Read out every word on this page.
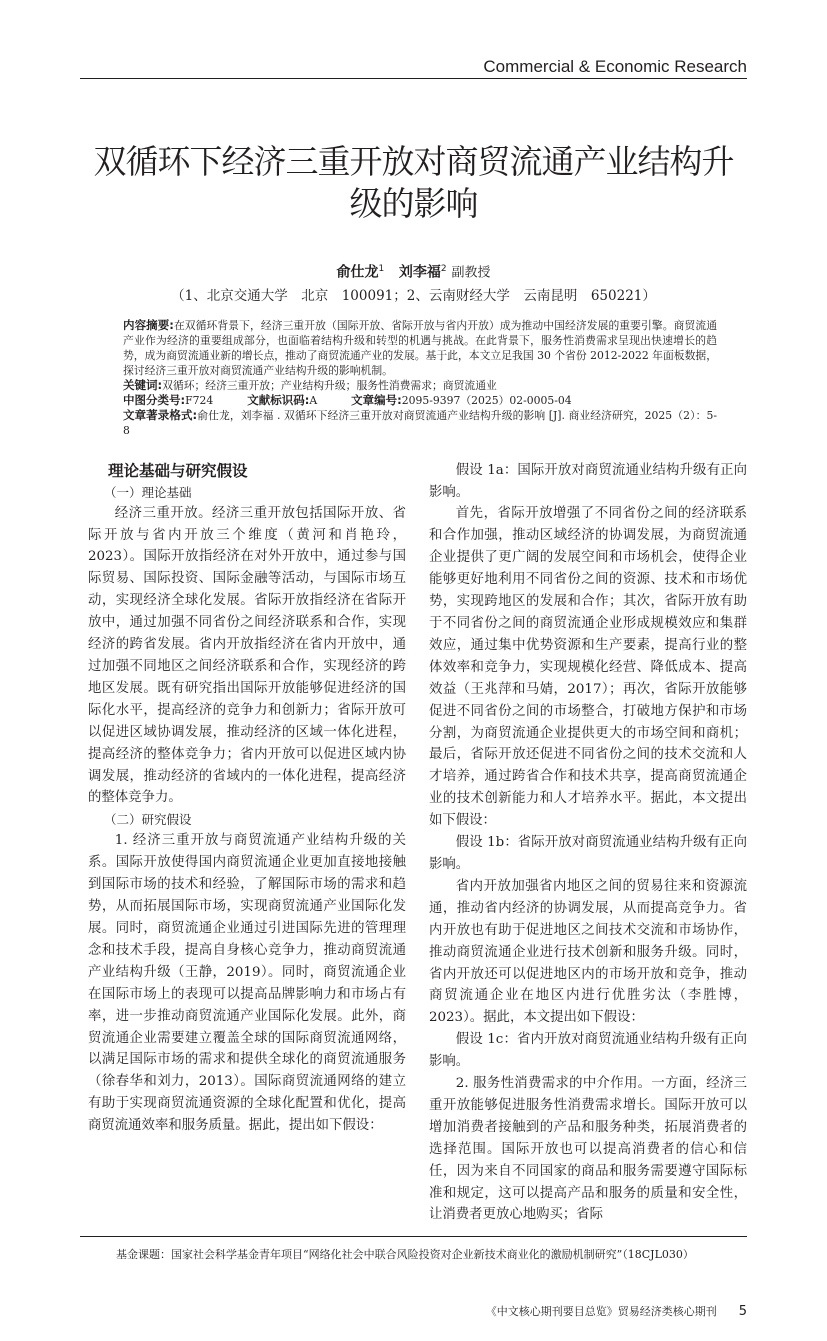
Commercial & Economic Research
双循环下经济三重开放对商贸流通产业结构升级的影响
俞仕龙$^1$ 刘李福$^2$ 副教授
（1、北京交通大学　北京　100091；2、云南财经大学　云南昆明　650221）
内容摘要:在双循环背景下，经济三重开放（国际开放、省际开放与省内开放）成为推动中国经济发展的重要引擎。商贸流通产业作为经济的重要组成部分，也面临着结构升级和转型的机遇与挑战。在此背景下，服务性消费需求呈现出快速增长的趋势，成为商贸流通业新的增长点，推动了商贸流通产业的发展。基于此，本文立足我国 30 个省份 2012-2022 年面板数据，探讨经济三重开放对商贸流通产业结构升级的影响机制。
关键词:双循环；经济三重开放；产业结构升级；服务性消费需求；商贸流通业
中图分类号:F724	文献标识码:A	文章编号:2095-9397（2025）02-0005-04
文章著录格式:俞仕龙，刘李福 . 双循环下经济三重开放对商贸流通产业结构升级的影响 [J]. 商业经济研究，2025（2）：5-8
理论基础与研究假设
（一）理论基础

经济三重开放。经济三重开放包括国际开放、省际开放与省内开放三个维度（黄河和肖艳玲，2023）。国际开放指经济在对外开放中，通过参与国际贸易、国际投资、国际金融等活动，与国际市场互动，实现经济全球化发展。省际开放指经济在省际开放中，通过加强不同省份之间经济联系和合作，实现经济的跨省发展。省内开放指经济在省内开放中，通过加强不同地区之间经济联系和合作，实现经济的跨地区发展。既有研究指出国际开放能够促进经济的国际化水平，提高经济的竞争力和创新力；省际开放可以促进区域协调发展，推动经济的区域一体化进程，提高经济的整体竞争力；省内开放可以促进区域内协调发展，推动经济的省域内的一体化进程，提高经济的整体竞争力。

（二）研究假设

1. 经济三重开放与商贸流通产业结构升级的关系。国际开放使得国内商贸流通企业更加直接地接触到国际市场的技术和经验，了解国际市场的需求和趋势，从而拓展国际市场，实现商贸流通产业国际化发展。同时，商贸流通企业通过引进国际先进的管理理念和技术手段，提高自身核心竞争力，推动商贸流通产业结构升级（王静，2019）。同时，商贸流通企业在国际市场上的表现可以提高品牌影响力和市场占有率，进一步推动商贸流通产业国际化发展。此外，商贸流通企业需要建立覆盖全球的国际商贸流通网络，以满足国际市场的需求和提供全球化的商贸流通服务（徐春华和刘力，2013）。国际商贸流通网络的建立有助于实现商贸流通资源的全球化配置和优化，提高商贸流通效率和服务质量。据此，提出如下假设：

假设 1a：国际开放对商贸流通业结构升级有正向影响。

首先，省际开放增强了不同省份之间的经济联系和合作加强，推动区域经济的协调发展，为商贸流通企业提供了更广阔的发展空间和市场机会，使得企业能够更好地利用不同省份之间的资源、技术和市场优势，实现跨地区的发展和合作；其次，省际开放有助于不同省份之间的商贸流通企业形成规模效应和集群效应，通过集中优势资源和生产要素，提高行业的整体效率和竞争力，实现规模化经营、降低成本、提高效益（王兆萍和马婧，2017）；再次，省际开放能够促进不同省份之间的市场整合，打破地方保护和市场分割，为商贸流通企业提供更大的市场空间和商机；最后，省际开放还促进不同省份之间的技术交流和人才培养，通过跨省合作和技术共享，提高商贸流通企业的技术创新能力和人才培养水平。据此，本文提出如下假设：

假设 1b：省际开放对商贸流通业结构升级有正向影响。

省内开放加强省内地区之间的贸易往来和资源流通，推动省内经济的协调发展，从而提高竞争力。省内开放也有助于促进地区之间技术交流和市场协作，推动商贸流通企业进行技术创新和服务升级。同时，省内开放还可以促进地区内的市场开放和竞争，推动商贸流通企业在地区内进行优胜劣汰（李胜博，2023）。据此，本文提出如下假设：

假设 1c：省内开放对商贸流通业结构升级有正向影响。

2. 服务性消费需求的中介作用。一方面，经济三重开放能够促进服务性消费需求增长。国际开放可以增加消费者接触到的产品和服务种类，拓展消费者的选择范围。国际开放也可以提高消费者的信心和信任，因为来自不同国家的商品和服务需要遵守国际标准和规定，这可以提高产品和服务的质量和安全性，让消费者更放心地购买；省际

基金课题：国家社会科学基金青年项目“网络化社会中联合风险投资对企业新技术商业化的激励机制研究”（18CJL030）
《中文核心期刊要目总览》贸易经济类核心期刊 5
